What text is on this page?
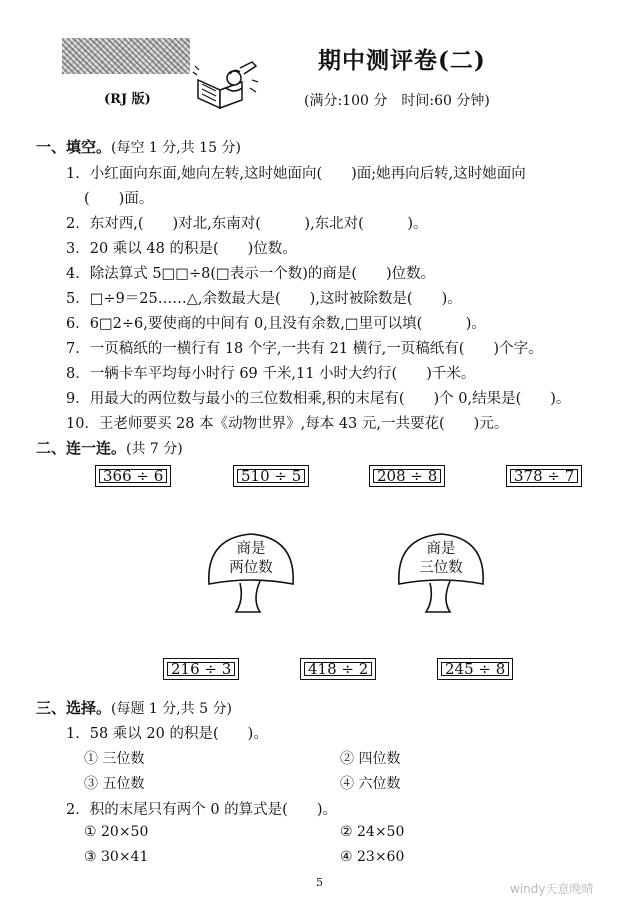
(RJ 版)
期中测评卷(二)
(满分:100 分　时间:60 分钟)
一、填空。(每空 1 分,共 15 分)
1．小红面向东面,她向左转,这时她面向(　　)面;她再向后转,这时她面向
(　　)面。
2．东对西,(　　)对北,东南对(　　　),东北对(　　　)。
3．20 乘以 48 的积是(　　)位数。
4．除法算式 5□□÷8(□表示一个数)的商是(　　)位数。
5．□÷9＝25……△,余数最大是(　　),这时被除数是(　　)。
6．6□2÷6,要使商的中间有 0,且没有余数,□里可以填(　　　)。
7．一页稿纸的一横行有 18 个字,一共有 21 横行,一页稿纸有(　　)个字。
8．一辆卡车平均每小时行 69 千米,11 小时大约行(　　)千米。
9．用最大的两位数与最小的三位数相乘,积的末尾有(　　)个 0,结果是(　　)。
10．王老师要买 28 本《动物世界》,每本 43 元,一共要花(　　)元。
二、连一连。(共 7 分)
366 ÷ 6	510 ÷ 5	208 ÷ 8	378 ÷ 7
商是
两位数
商是
三位数
216 ÷ 3	418 ÷ 2	245 ÷ 8
三、选择。(每题 1 分,共 5 分)
1．58 乘以 20 的积是(　　)。
① 三位数	② 四位数
③ 五位数	④ 六位数
2．积的末尾只有两个 0 的算式是(　　)。
① 20×50	② 24×50
③ 30×41	④ 23×60
5	windy天意晚晴
